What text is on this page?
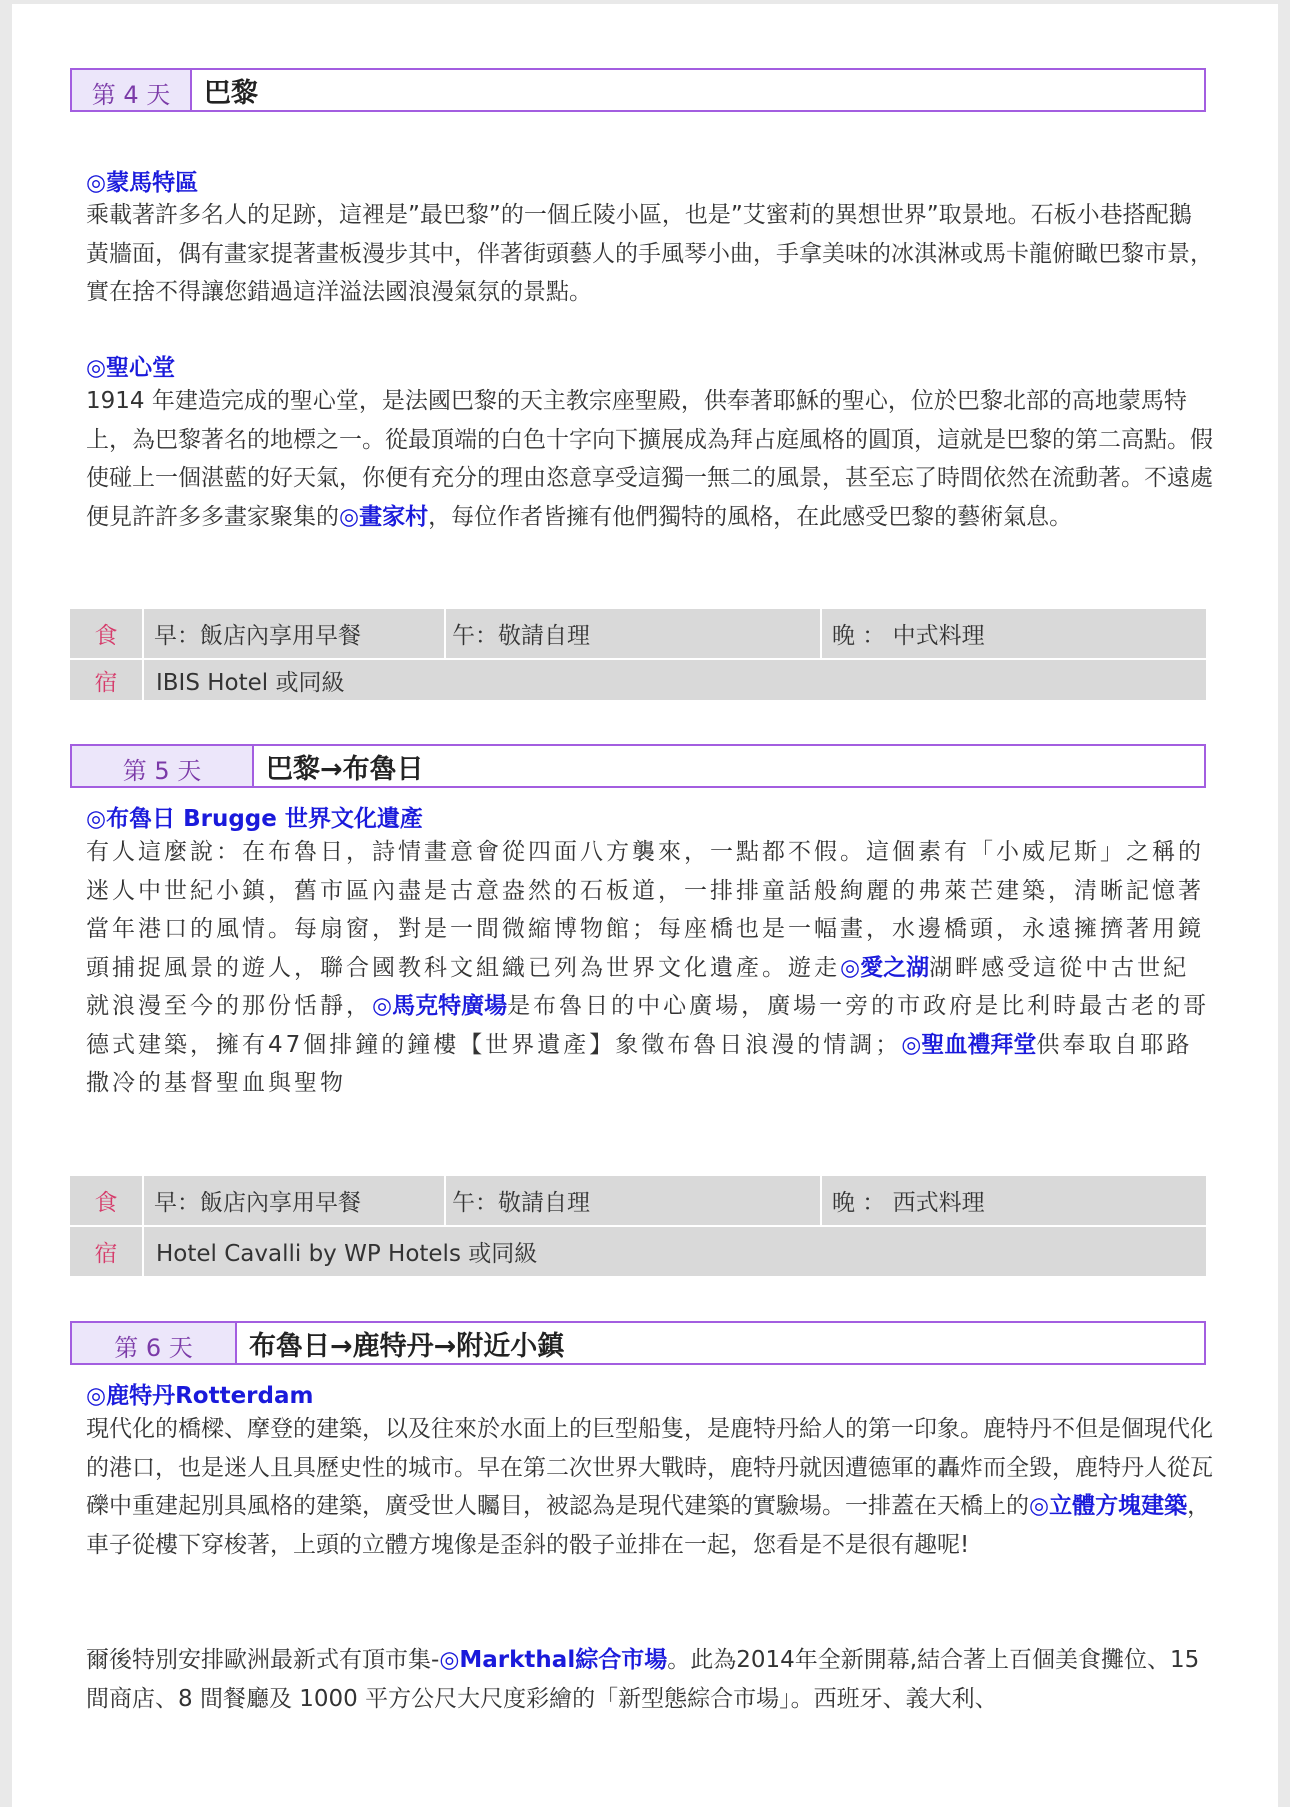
第 4 天	巴黎
◎蒙馬特區
乘載著許多名人的足跡，這裡是”最巴黎”的一個丘陵小區，也是”艾蜜莉的異想世界”取景地。石板小巷搭配鵝黃牆面，偶有畫家提著畫板漫步其中，伴著街頭藝人的手風琴小曲，手拿美味的冰淇淋或馬卡龍俯瞰巴黎市景，實在捨不得讓您錯過這洋溢法國浪漫氣氛的景點。
◎聖心堂
1914 年建造完成的聖心堂，是法國巴黎的天主教宗座聖殿，供奉著耶穌的聖心，位於巴黎北部的高地蒙馬特上，為巴黎著名的地標之一。從最頂端的白色十字向下擴展成為拜占庭風格的圓頂，這就是巴黎的第二高點。假使碰上一個湛藍的好天氣，你便有充分的理由恣意享受這獨一無二的風景，甚至忘了時間依然在流動著。不遠處便見許許多多畫家聚集的◎畫家村，每位作者皆擁有他們獨特的風格，在此感受巴黎的藝術氣息。
食	早：飯店內享用早餐	午：敬請自理	晚 ： 中式料理
宿	IBIS Hotel 或同級
第 5 天	巴黎→布魯日
◎布魯日 Brugge 世界文化遺產
有人這麼說：在布魯日，詩情畫意會從四面八方襲來，一點都不假。這個素有「小威尼斯」之稱的迷人中世紀小鎮，舊市區內盡是古意盎然的石板道，一排排童話般絢麗的弗萊芒建築，清晰記憶著當年港口的風情。每扇窗，對是一間微縮博物館；每座橋也是一幅畫，水邊橋頭，永遠擁擠著用鏡頭捕捉風景的遊人，聯合國教科文組織已列為世界文化遺產。遊走◎愛之湖湖畔感受這從中古世紀就浪漫至今的那份恬靜，◎馬克特廣場是布魯日的中心廣場，廣場一旁的市政府是比利時最古老的哥德式建築，擁有47個排鐘的鐘樓【世界遺產】象徵布魯日浪漫的情調；◎聖血禮拜堂供奉取自耶路撒冷的基督聖血與聖物
食	早：飯店內享用早餐	午：敬請自理	晚 ： 西式料理
宿	Hotel Cavalli by WP Hotels 或同級
第 6 天	布魯日→鹿特丹→附近小鎮
◎鹿特丹Rotterdam
現代化的橋樑、摩登的建築，以及往來於水面上的巨型船隻，是鹿特丹給人的第一印象。鹿特丹不但是個現代化的港口，也是迷人且具歷史性的城市。早在第二次世界大戰時，鹿特丹就因遭德軍的轟炸而全毀，鹿特丹人從瓦礫中重建起別具風格的建築，廣受世人矚目，被認為是現代建築的實驗場。一排蓋在天橋上的◎立體方塊建築，車子從樓下穿梭著，上頭的立體方塊像是歪斜的骰子並排在一起，您看是不是很有趣呢!
爾後特別安排歐洲最新式有頂市集-◎Markthal綜合市場。此為2014年全新開幕,結合著上百個美食攤位、15 間商店、8 間餐廳及 1000 平方公尺大尺度彩繪的「新型態綜合市場」。西班牙、義大利、
